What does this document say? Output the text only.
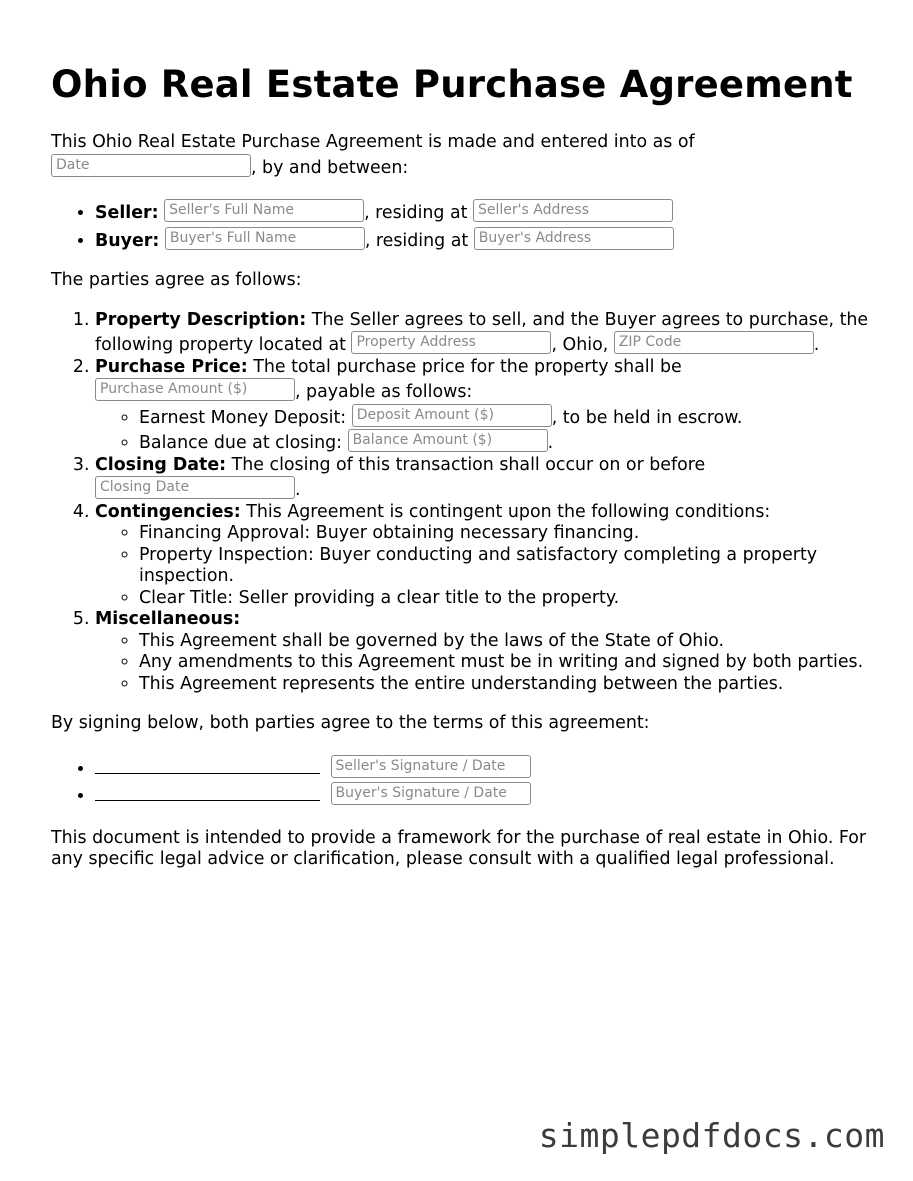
Ohio Real Estate Purchase Agreement

This Ohio Real Estate Purchase Agreement is made and entered into as of Date	, by and between:

• Seller: Seller's Full Name	, residing at Seller's Address
• Buyer: Buyer's Full Name	, residing at Buyer's Address

The parties agree as follows:

1. Property Description: The Seller agrees to sell, and the Buyer agrees to purchase, the following property located at Property Address	, Ohio, ZIP Code	.
2. Purchase Price: The total purchase price for the property shall be Purchase Amount ($)	, payable as follows:
◦ Earnest Money Deposit: Deposit Amount ($)	, to be held in escrow.
◦ Balance due at closing: Balance Amount ($)	.
3. Closing Date: The closing of this transaction shall occur on or before Closing Date	.
4. Contingencies: This Agreement is contingent upon the following conditions:
◦ Financing Approval: Buyer obtaining necessary financing.
◦ Property Inspection: Buyer conducting and satisfactory completing a property inspection.
◦ Clear Title: Seller providing a clear title to the property.
5. Miscellaneous:
◦ This Agreement shall be governed by the laws of the State of Ohio.
◦ Any amendments to this Agreement must be in writing and signed by both parties.
◦ This Agreement represents the entire understanding between the parties.

By signing below, both parties agree to the terms of this agreement:

• Seller's Signature / Date
• Buyer's Signature / Date

This document is intended to provide a framework for the purchase of real estate in Ohio. For any specific legal advice or clarification, please consult with a qualified legal professional.

simplepdfdocs.com
